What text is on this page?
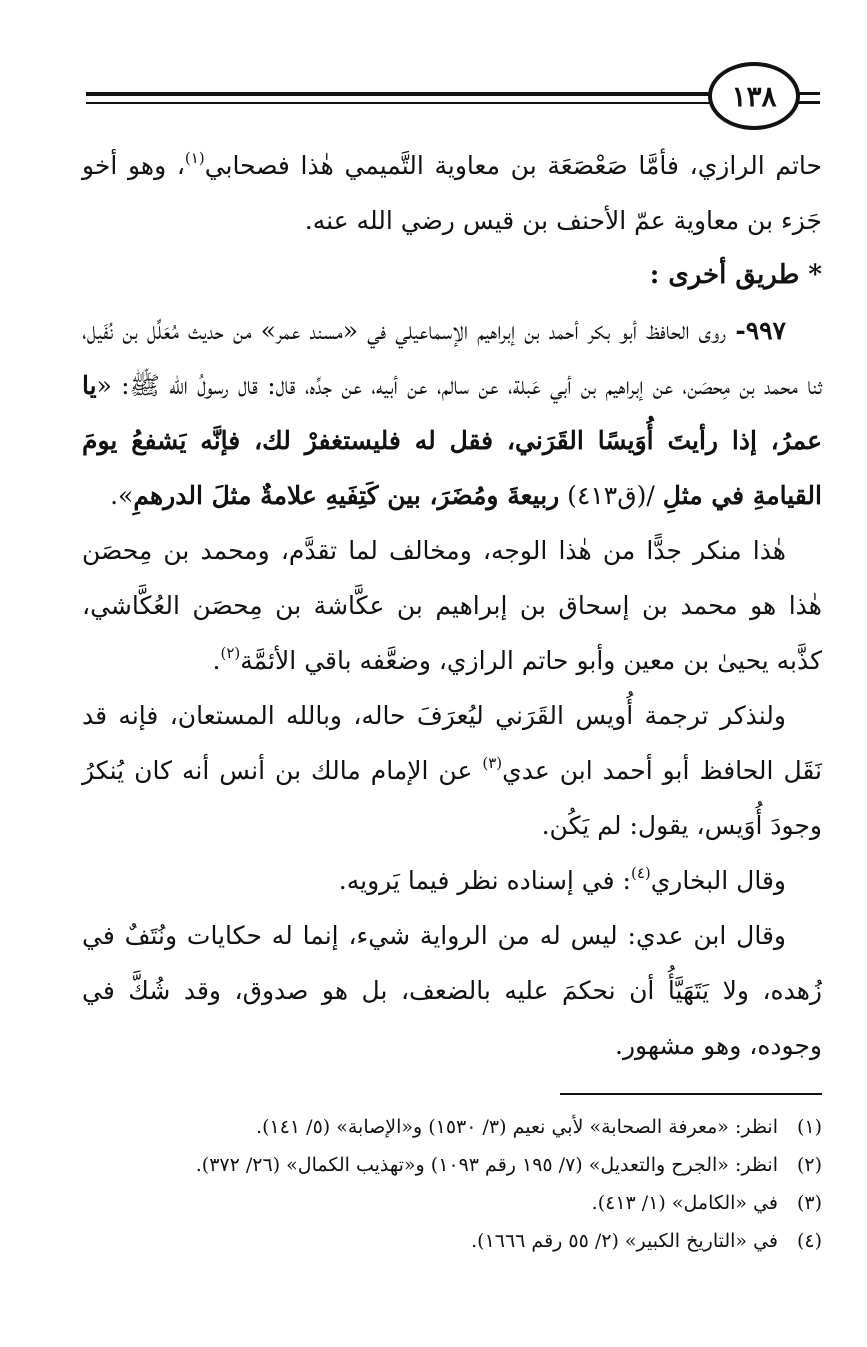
١٣٨

حاتم الرازي، فأمَّا صَعْصَعَة بن معاوية التَّميمي هٰذا فصحابي$^{(١)}$، وهو أخو جَزء بن معاوية عمّ الأحنف بن قيس رضي الله عنه.

* طريق أخرى :

٩٩٧- روى الحافظ أبو بكر أحمد بن إبراهيم الإسماعيلي في «مسند عمر» من حديث مُعَلِّل بن نُفَيل، ثنا محمد بن مِحصَن، عن إبراهيم بن أبي عَبلة، عن سالم، عن أبيه، عن جدِّه، قال: قال رسولُ الله ﷺ: «يا عمرُ، إذا رأيتَ أُوَيسًا القَرَني، فقل له فليستغفرْ لك، فإنَّه يَشفعُ يومَ القيامةِ في مثلِ /(ق٤١٣) ربيعةَ ومُضَرَ، بين كَتِفَيهِ علامةٌ مثلَ الدرهمِ».

هٰذا منكر جدًّا من هٰذا الوجه، ومخالف لما تقدَّم، ومحمد بن مِحصَن هٰذا هو محمد بن إسحاق بن إبراهيم بن عكَّاشة بن مِحصَن العُكَّاشي، كذَّبه يحيىٰ بن معين وأبو حاتم الرازي، وضعَّفه باقي الأئمَّة$^{(٢)}$.

ولنذكر ترجمة أُويس القَرَني ليُعرَفَ حاله، وبالله المستعان، فإنه قد نَقَل الحافظ أبو أحمد ابن عدي$^{(٣)}$ عن الإمام مالك بن أنس أنه كان يُنكرُ وجودَ أُوَيس، يقول: لم يَكُن.

وقال البخاري$^{(٤)}$: في إسناده نظر فيما يَرويه.

وقال ابن عدي: ليس له من الرواية شيء، إنما له حكايات ونُتَفٌ في زُهده، ولا يَتَهَيَّأُ أن نحكمَ عليه بالضعف، بل هو صدوق، وقد شُكَّ في وجوده، وهو مشهور.

(١)انظر: «معرفة الصحابة» لأبي نعيم (٣/ ١٥٣٠) و«الإصابة» (٥/ ١٤١).

(٢)انظر: «الجرح والتعديل» (٧/ ١٩٥ رقم ١٠٩٣) و«تهذيب الكمال» (٢٦/ ٣٧٢).

(٣)في «الكامل» (١/ ٤١٣).

(٤)في «التاريخ الكبير» (٢/ ٥٥ رقم ١٦٦٦).
